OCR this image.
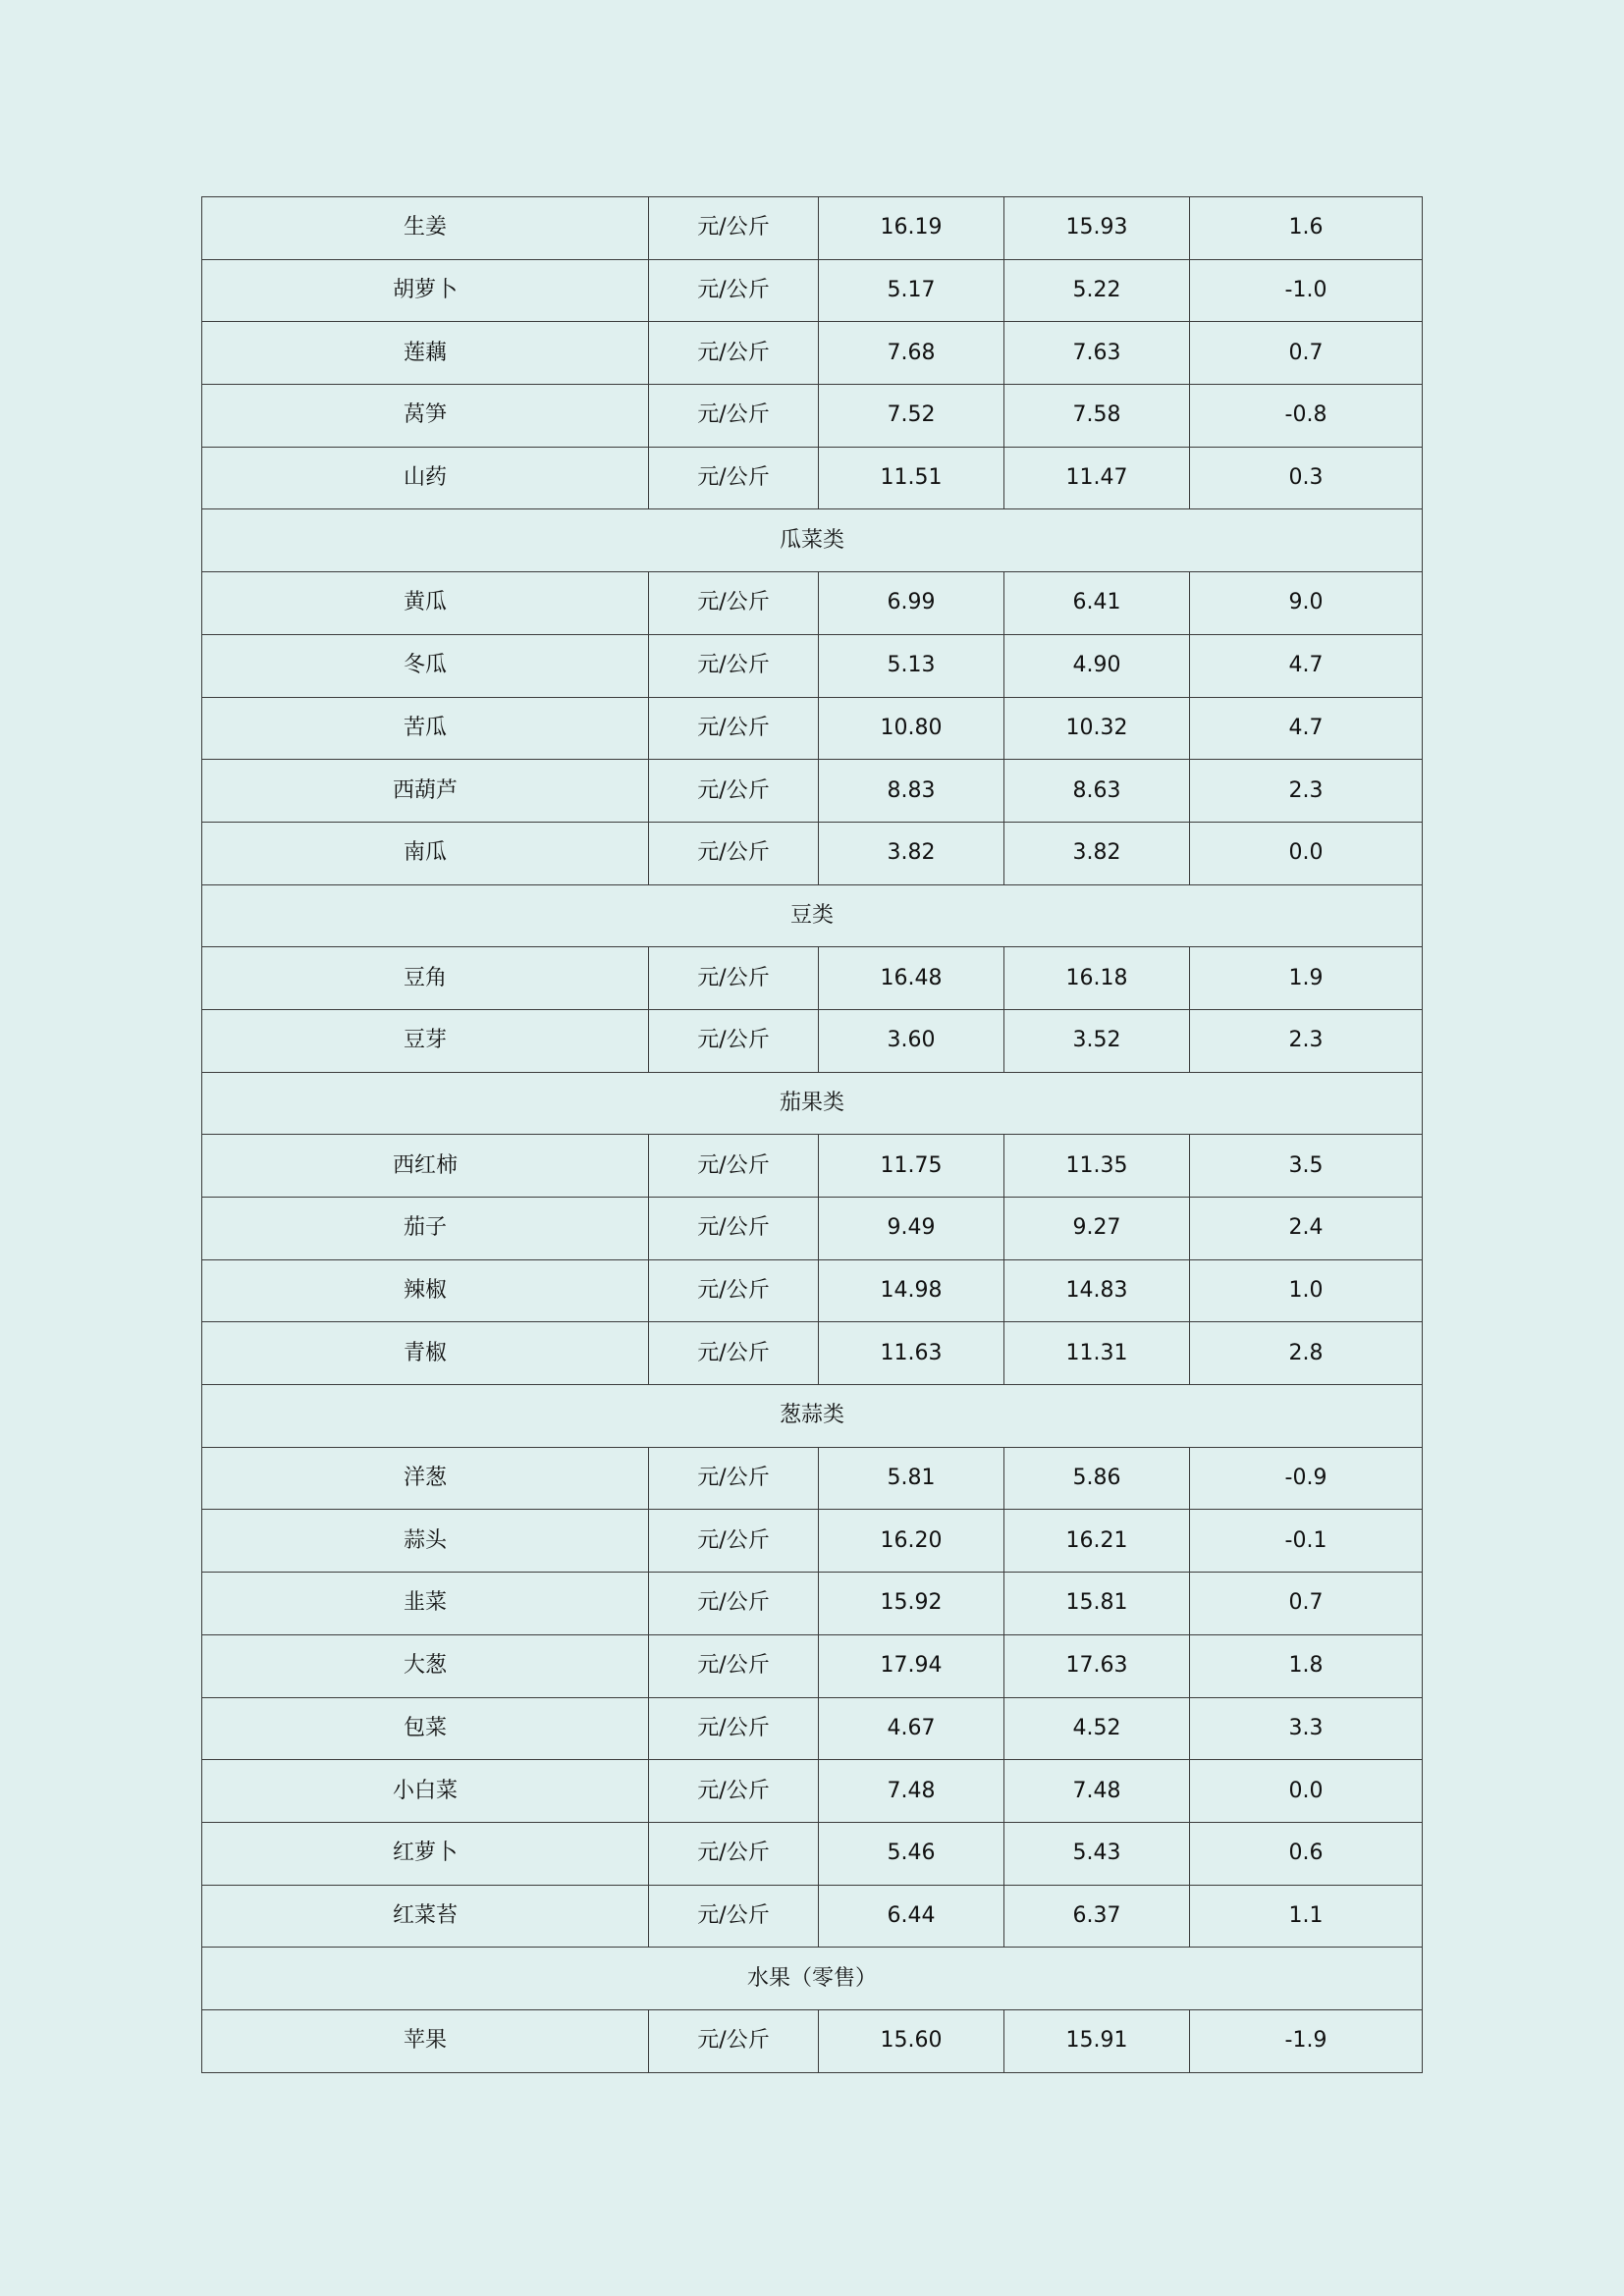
生姜	元/公斤	16.19	15.93	1.6
胡萝卜	元/公斤	5.17	5.22	-1.0
莲藕	元/公斤	7.68	7.63	0.7
莴笋	元/公斤	7.52	7.58	-0.8
山药	元/公斤	11.51	11.47	0.3
瓜菜类				
黄瓜	元/公斤	6.99	6.41	9.0
冬瓜	元/公斤	5.13	4.90	4.7
苦瓜	元/公斤	10.80	10.32	4.7
西葫芦	元/公斤	8.83	8.63	2.3
南瓜	元/公斤	3.82	3.82	0.0
豆类				
豆角	元/公斤	16.48	16.18	1.9
豆芽	元/公斤	3.60	3.52	2.3
茄果类				
西红柿	元/公斤	11.75	11.35	3.5
茄子	元/公斤	9.49	9.27	2.4
辣椒	元/公斤	14.98	14.83	1.0
青椒	元/公斤	11.63	11.31	2.8
葱蒜类				
洋葱	元/公斤	5.81	5.86	-0.9
蒜头	元/公斤	16.20	16.21	-0.1
韭菜	元/公斤	15.92	15.81	0.7
大葱	元/公斤	17.94	17.63	1.8
包菜	元/公斤	4.67	4.52	3.3
小白菜	元/公斤	7.48	7.48	0.0
红萝卜	元/公斤	5.46	5.43	0.6
红菜苔	元/公斤	6.44	6.37	1.1
水果（零售）				
苹果	元/公斤	15.60	15.91	-1.9
